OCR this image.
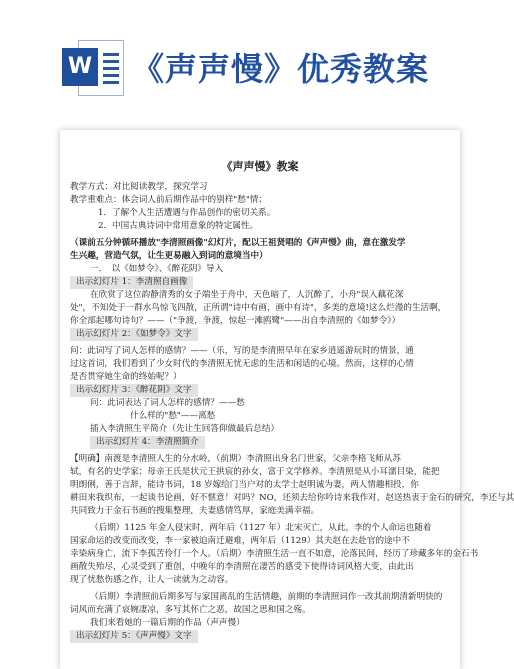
W 《声声慢》优秀教案
《声声慢》教案
教学方式：对比阅读教学，探究学习
教学重难点：体会词人前后期作品中的别样"愁"情；
1．了解个人生活遭遇与作品创作的密切关系。
2．中国古典诗词中常用意象的特定属性。
（课前五分钟循环播放"李清照画像"幻灯片，配以王祖贤唱的《声声慢》曲，意在激发学
生兴趣，营造气氛，让生更易融入到词的意境当中）
一．　以《如梦令》、《醉花阴》导入
出示幻灯片 1：李清照自画像
在欣赏了这位韵静清秀的女子端坐于舟中，天色暗了，人沉醉了，小舟"误入藕花深
处"，不知处于一群水鸟惊飞四散，正所谓"诗中有画，画中有诗"，多美的意境!这么烂漫的生活啊，
你全部起哪句诗句？——（"争渡，争渡，惊起一滩鸥鹭"——出自李清照的《如梦令》）
出示幻灯片 2：《如梦令》文字
问：此词写了词人怎样的感情？——（乐，写的是李清照早年在家乡逍遥游玩时的情景，通
过这首词，我们看到了少女时代的李清照无忧无虑的生活和闲适的心境。然而，这样的心情
是否贯穿她生命的终始呢？）
出示幻灯片 3：《醉花阴》文字
问：此词表达了词人怎样的感情？——愁
什么样的"愁"——离愁
插入李清照生平简介（先让生回答仰做最后总结）
出示幻灯片 4：李清照简介
【明确】南渡是李清照人生的分水岭，（前期）李清照出身名门世家，父亲李格飞师从苏
轼，有名的史学家；母亲王氏是状元王拱宸的孙女，富于文学修养。李清照是从小耳濡目染，能把
明朗俐，善于言辞，能诗书词，18 岁嫁给门当户对的太学士赵明诚为妻，两人情趣相投，你
耕田来我织布，一起谈书论画，好不惬意！对吗？NO，还须去给你吟诗来我作对，赵送热衷于金石的研究，李还与其
共同致力于金石书画的搜集整理，夫妻感情笃厚，家庭美满幸福。
（后期）1125 年金人侵宋时，两年后（1127 年）北宋灭亡，从此，李的个人命运也随着
国家命运的改变而改变，李一家被迫南迁避难，两年后（1129）其夫赵在去赴官的途中不
幸染病身亡，流下李孤苦伶仃一个人。（后期）李清照生活一直不如意，沦落民间，经历了珍藏多年的金石书
画散失殆尽，心灵受到了重创，中晚年的李清照在凄苦的感受下使得诗词风格大变，由此出
现了忧愁伤感之作，让人一读就为之动容。
（后期）李清照前后期多写与家国离乱的生活情趣，前期的李清照词作一改其前期清新明快的
词风而充满了哀婉凄凉，多写其怀亡之恶，故国之思和国之殇。
我们来看她的一篇后期的作品（声声慢）
出示幻灯片 5：《声声慢》文字
